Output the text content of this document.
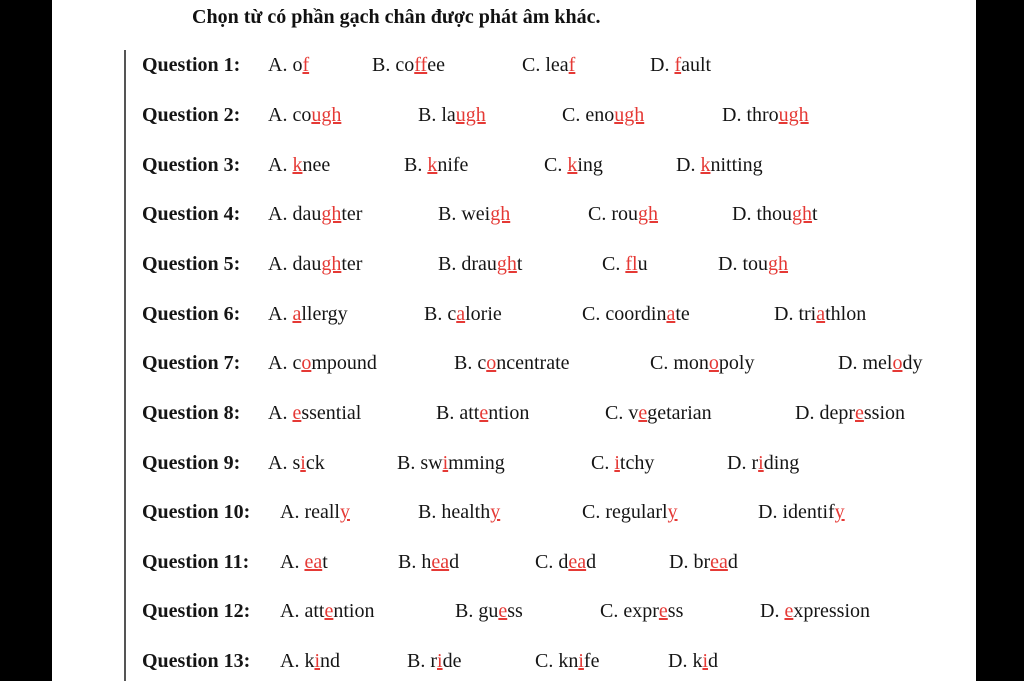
Chọn từ có phần gạch chân được phát âm khác.
Question 1: A. of	B. coffee	C. leaf	D. fault
Question 2: A. cough	B. laugh	C. enough	D. through
Question 3: A. knee	B. knife	C. king	D. knitting
Question 4: A. daughter	B. weigh	C. rough	D. thought
Question 5: A. daughter	B. draught	C. flu	D. tough
Question 6: A. allergy	B. calorie	C. coordinate	D. triathlon
Question 7: A. compound	B. concentrate	C. monopoly	D. melody
Question 8: A. essential	B. attention	C. vegetarian	D. depression
Question 9: A. sick	B. swimming	C. itchy	D. riding
Question 10: A. really	B. healthy	C. regularly	D. identify
Question 11: A. eat	B. head	C. dead	D. bread
Question 12: A. attention	B. guess	C. express	D. expression
Question 13: A. kind	B. ride	C. knife	D. kid
